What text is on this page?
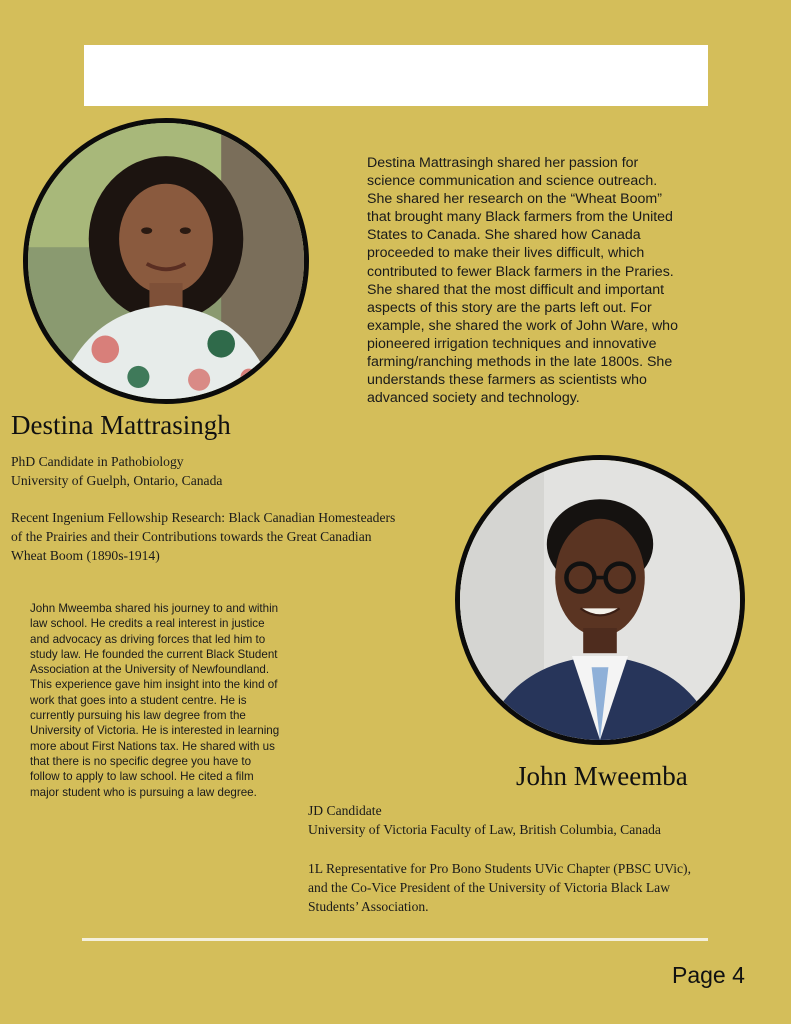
Destina Mattrasingh shared her passion for
science communication and science outreach.
She shared her research on the “Wheat Boom”
that brought many Black farmers from the United
States to Canada. She shared how Canada
proceeded to make their lives difficult, which
contributed to fewer Black farmers in the Praries.
She shared that the most difficult and important
aspects of this story are the parts left out. For
example, she shared the work of John Ware, who
pioneered irrigation techniques and innovative
farming/ranching methods in the late 1800s. She
understands these farmers as scientists who
advanced society and technology.
Destina Mattrasingh
PhD Candidate in Pathobiology
University of Guelph, Ontario, Canada
Recent Ingenium Fellowship Research: Black Canadian Homesteaders
of the Prairies and their Contributions towards the Great Canadian
Wheat Boom (1890s-1914)
John Mweemba shared his journey to and within
law school. He credits a real interest in justice
and advocacy as driving forces that led him to
study law. He founded the current Black Student
Association at the University of Newfoundland.
This experience gave him insight into the kind of
work that goes into a student centre. He is
currently pursuing his law degree from the
University of Victoria. He is interested in learning
more about First Nations tax. He shared with us
that there is no specific degree you have to
follow to apply to law school. He cited a film
major student who is pursuing a law degree.
John Mweemba
JD Candidate
University of Victoria Faculty of Law, British Columbia, Canada
1L Representative for Pro Bono Students UVic Chapter (PBSC UVic),
and the Co-Vice President of the University of Victoria Black Law
Students’ Association.
Page 4
